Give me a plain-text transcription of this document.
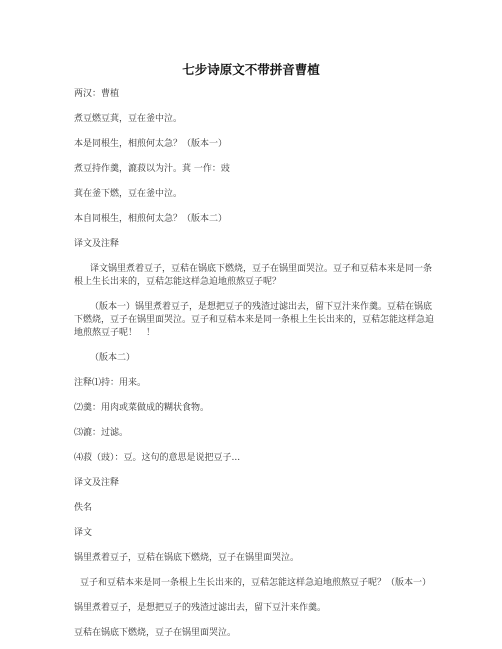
七步诗原文不带拼音曹植

两汉：曹植

煮豆燃豆萁，豆在釜中泣。

本是同根生，相煎何太急？（版本一）

煮豆持作羹，漉菽以为汁。萁 一作：豉

萁在釜下燃，豆在釜中泣。

本自同根生，相煎何太急？（版本二）

译文及注释

译文锅里煮着豆子，豆秸在锅底下燃烧，豆子在锅里面哭泣。豆子和豆秸本来是同一条根上生长出来的，豆秸怎能这样急迫地煎熬豆子呢？

（版本一）锅里煮着豆子，是想把豆子的残渣过滤出去，留下豆汁来作羹。豆秸在锅底下燃烧，豆子在锅里面哭泣。豆子和豆秸本来是同一条根上生长出来的，豆秸怎能这样急迫地煎熬豆子呢！　！

（版本二）

注释⑴持：用来。

⑵羹：用肉或菜做成的糊状食物。

⑶漉：过滤。

⑷菽（豉）：豆。这句的意思是说把豆子...

译文及注释

佚名

译文

锅里煮着豆子，豆秸在锅底下燃烧，豆子在锅里面哭泣。

豆子和豆秸本来是同一条根上生长出来的，豆秸怎能这样急迫地煎熬豆子呢？（版本一）

锅里煮着豆子，是想把豆子的残渣过滤出去，留下豆汁来作羹。

豆秸在锅底下燃烧，豆子在锅里面哭泣。
